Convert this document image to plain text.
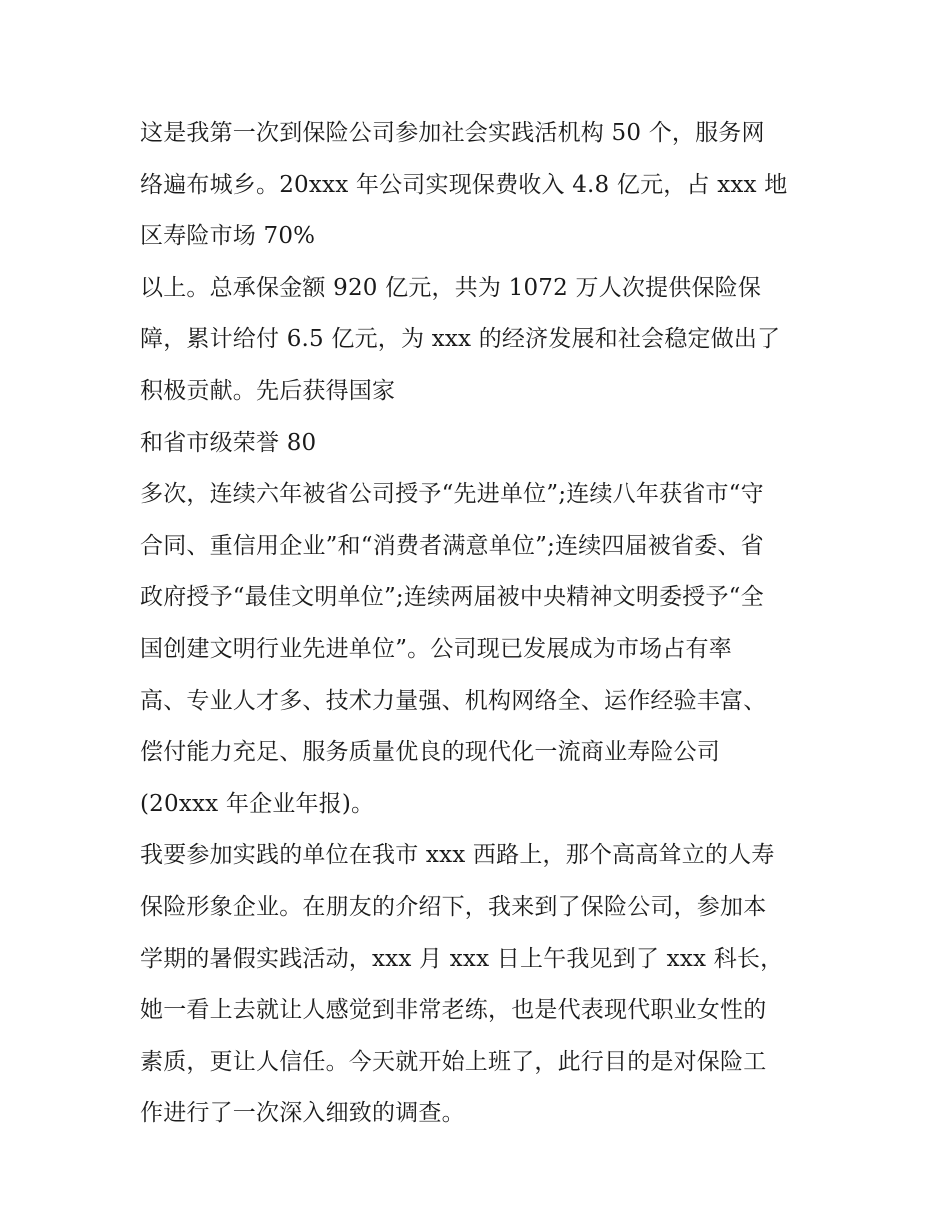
这是我第一次到保险公司参加社会实践活机构 50 个，服务网
络遍布城乡。20xxx 年公司实现保费收入 4.8 亿元，占 xxx 地
区寿险市场 70%
以上。总承保金额 920 亿元，共为 1072 万人次提供保险保
障，累计给付 6.5 亿元，为 xxx 的经济发展和社会稳定做出了
积极贡献。先后获得国家
和省市级荣誉 80
多次，连续六年被省公司授予“先进单位”;连续八年获省市“守
合同、重信用企业”和“消费者满意单位”;连续四届被省委、省
政府授予“最佳文明单位”;连续两届被中央精神文明委授予“全
国创建文明行业先进单位”。公司现已发展成为市场占有率
高、专业人才多、技术力量强、机构网络全、运作经验丰富、
偿付能力充足、服务质量优良的现代化一流商业寿险公司
(20xxx 年企业年报)。
我要参加实践的单位在我市 xxx 西路上，那个高高耸立的人寿
保险形象企业。在朋友的介绍下，我来到了保险公司，参加本
学期的暑假实践活动，xxx 月 xxx 日上午我见到了 xxx 科长，
她一看上去就让人感觉到非常老练，也是代表现代职业女性的
素质，更让人信任。今天就开始上班了，此行目的是对保险工
作进行了一次深入细致的调查。
